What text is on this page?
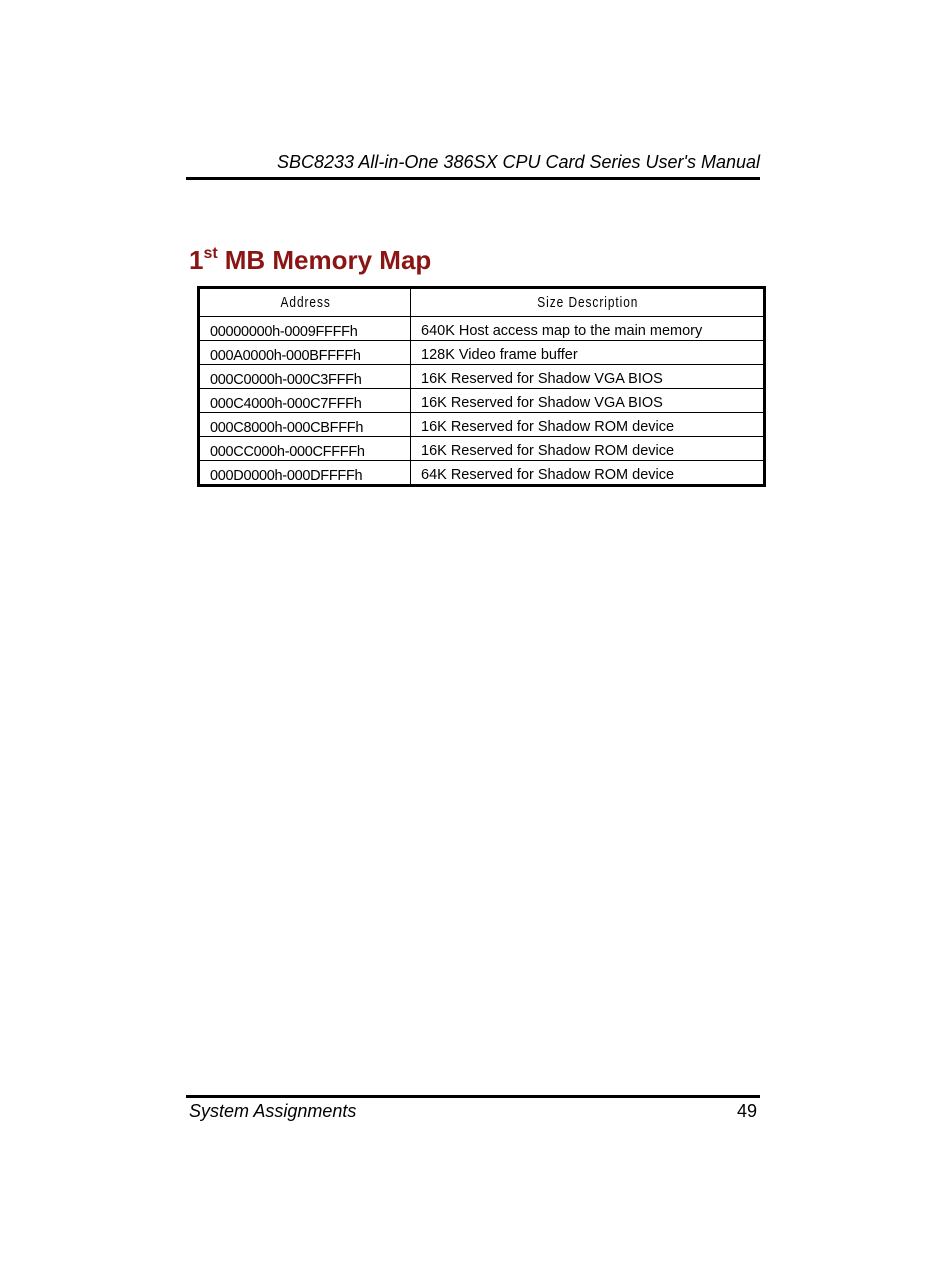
SBC8233 All-in-One 386SX CPU Card Series User's Manual
1st MB Memory Map
Address	Size Description
00000000h-0009FFFFh	640K Host access map to the main memory
000A0000h-000BFFFFh	128K Video frame buffer
000C0000h-000C3FFFh	16K Reserved for Shadow VGA BIOS
000C4000h-000C7FFFh	16K Reserved for Shadow VGA BIOS
000C8000h-000CBFFFh	16K Reserved for Shadow ROM device
000CC000h-000CFFFFh	16K Reserved for Shadow ROM device
000D0000h-000DFFFFh	64K Reserved for Shadow ROM device
System Assignments	49
